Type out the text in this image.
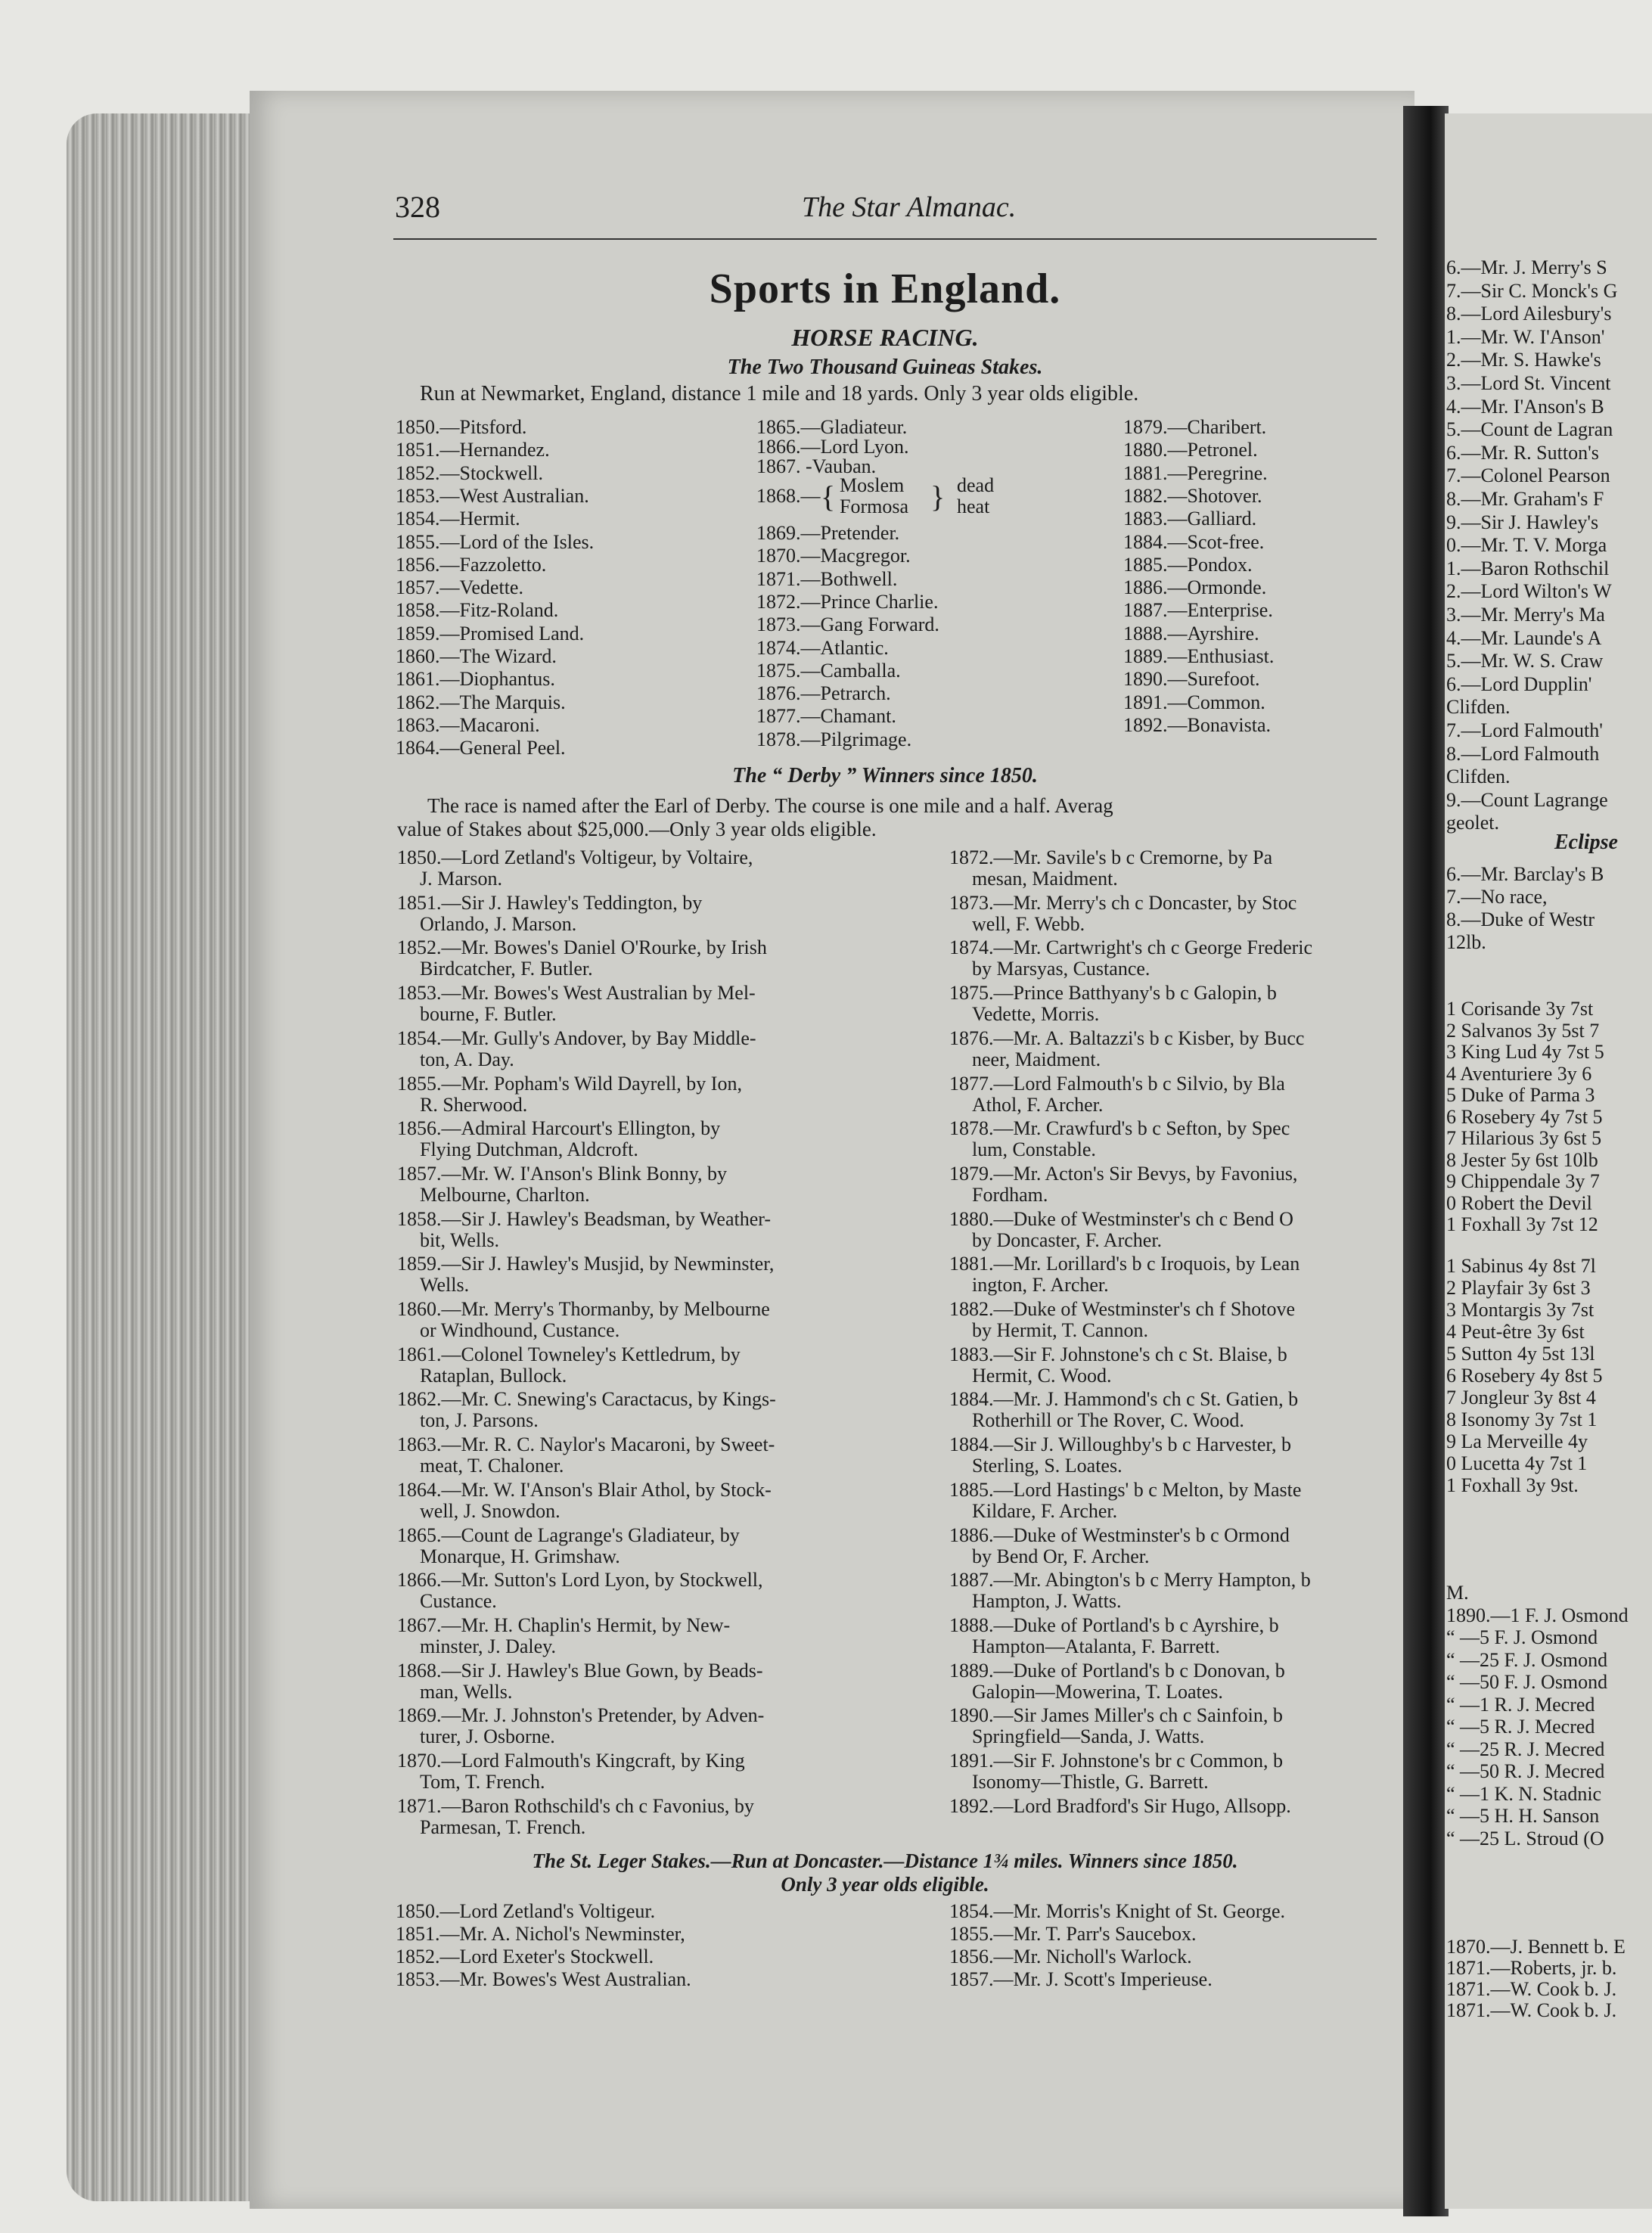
328	The Star Almanac.
Sports in England.
HORSE RACING.
The Two Thousand Guineas Stakes.
Run at Newmarket, England, distance 1 mile and 18 yards. Only 3 year olds eligible.
1850.—Pitsford.
1851.—Hernandez.
1852.—Stockwell.
1853.—West Australian.
1854.—Hermit.
1855.—Lord of the Isles.
1856.—Fazzoletto.
1857.—Vedette.
1858.—Fitz-Roland.
1859.—Promised Land.
1860.—The Wizard.
1861.—Diophantus.
1862.—The Marquis.
1863.—Macaroni.
1864.—General Peel.
1865.—Gladiateur.
1866.—Lord Lyon.
1867. -Vauban.
1869.—Pretender.
1870.—Macgregor.
1871.—Bothwell.
1872.—Prince Charlie.
1873.—Gang Forward.
1874.—Atlantic.
1875.—Camballa.
1876.—Petrarch.
1877.—Chamant.
1878.—Pilgrimage.
1879.—Charibert.
1880.—Petronel.
1881.—Peregrine.
1882.—Shotover.
1883.—Galliard.
1884.—Scot-free.
1885.—Pondox.
1886.—Ormonde.
1887.—Enterprise.
1888.—Ayrshire.
1889.—Enthusiast.
1890.—Surefoot.
1891.—Common.
1892.—Bonavista.
1868.— { Moslem
Formosa } dead
heat
The “ Derby ” Winners since 1850.
The race is named after the Earl of Derby. The course is one mile and a half. Averag
value of Stakes about $25,000.—Only 3 year olds eligible.
1850.—Lord Zetland's Voltigeur, by Voltaire,
J. Marson.
1851.—Sir J. Hawley's Teddington, by
Orlando, J. Marson.
1852.—Mr. Bowes's Daniel O'Rourke, by Irish
Birdcatcher, F. Butler.
1853.—Mr. Bowes's West Australian by Mel-
bourne, F. Butler.
1854.—Mr. Gully's Andover, by Bay Middle-
ton, A. Day.
1855.—Mr. Popham's Wild Dayrell, by Ion,
R. Sherwood.
1856.—Admiral Harcourt's Ellington, by
Flying Dutchman, Aldcroft.
1857.—Mr. W. I'Anson's Blink Bonny, by
Melbourne, Charlton.
1858.—Sir J. Hawley's Beadsman, by Weather-
bit, Wells.
1859.—Sir J. Hawley's Musjid, by Newminster,
Wells.
1860.—Mr. Merry's Thormanby, by Melbourne
or Windhound, Custance.
1861.—Colonel Towneley's Kettledrum, by
Rataplan, Bullock.
1862.—Mr. C. Snewing's Caractacus, by Kings-
ton, J. Parsons.
1863.—Mr. R. C. Naylor's Macaroni, by Sweet-
meat, T. Chaloner.
1864.—Mr. W. I'Anson's Blair Athol, by Stock-
well, J. Snowdon.
1865.—Count de Lagrange's Gladiateur, by
Monarque, H. Grimshaw.
1866.—Mr. Sutton's Lord Lyon, by Stockwell,
Custance.
1867.—Mr. H. Chaplin's Hermit, by New-
minster, J. Daley.
1868.—Sir J. Hawley's Blue Gown, by Beads-
man, Wells.
1869.—Mr. J. Johnston's Pretender, by Adven-
turer, J. Osborne.
1870.—Lord Falmouth's Kingcraft, by King
Tom, T. French.
1871.—Baron Rothschild's ch c Favonius, by
Parmesan, T. French.
1872.—Mr. Savile's b c Cremorne, by Pa
mesan, Maidment.
1873.—Mr. Merry's ch c Doncaster, by Stoc
well, F. Webb.
1874.—Mr. Cartwright's ch c George Frederic
by Marsyas, Custance.
1875.—Prince Batthyany's b c Galopin, b
Vedette, Morris.
1876.—Mr. A. Baltazzi's b c Kisber, by Bucc
neer, Maidment.
1877.—Lord Falmouth's b c Silvio, by Bla
Athol, F. Archer.
1878.—Mr. Crawfurd's b c Sefton, by Spec
lum, Constable.
1879.—Mr. Acton's Sir Bevys, by Favonius,
Fordham.
1880.—Duke of Westminster's ch c Bend O
by Doncaster, F. Archer.
1881.—Mr. Lorillard's b c Iroquois, by Lean
ington, F. Archer.
1882.—Duke of Westminster's ch f Shotove
by Hermit, T. Cannon.
1883.—Sir F. Johnstone's ch c St. Blaise, b
Hermit, C. Wood.
1884.—Mr. J. Hammond's ch c St. Gatien, b
Rotherhill or The Rover, C. Wood.
1884.—Sir J. Willoughby's b c Harvester, b
Sterling, S. Loates.
1885.—Lord Hastings' b c Melton, by Maste
Kildare, F. Archer.
1886.—Duke of Westminster's b c Ormond
by Bend Or, F. Archer.
1887.—Mr. Abington's b c Merry Hampton, b
Hampton, J. Watts.
1888.—Duke of Portland's b c Ayrshire, b
Hampton—Atalanta, F. Barrett.
1889.—Duke of Portland's b c Donovan, b
Galopin—Mowerina, T. Loates.
1890.—Sir James Miller's ch c Sainfoin, b
Springfield—Sanda, J. Watts.
1891.—Sir F. Johnstone's br c Common, b
Isonomy—Thistle, G. Barrett.
1892.—Lord Bradford's Sir Hugo, Allsopp.
The St. Leger Stakes.—Run at Doncaster.—Distance 1¾ miles. Winners since 1850.
Only 3 year olds eligible.
1850.—Lord Zetland's Voltigeur.
1851.—Mr. A. Nichol's Newminster,
1852.—Lord Exeter's Stockwell.
1853.—Mr. Bowes's West Australian.
1854.—Mr. Morris's Knight of St. George.
1855.—Mr. T. Parr's Saucebox.
1856.—Mr. Nicholl's Warlock.
1857.—Mr. J. Scott's Imperieuse.
6.—Mr. J. Merry's S
7.—Sir C. Monck's G
8.—Lord Ailesbury's
1.—Mr. W. I'Anson'
2.—Mr. S. Hawke's
3.—Lord St. Vincent
4.—Mr. I'Anson's B
5.—Count de Lagran
6.—Mr. R. Sutton's
7.—Colonel Pearson
8.—Mr. Graham's F
9.—Sir J. Hawley's
0.—Mr. T. V. Morga
1.—Baron Rothschil
2.—Lord Wilton's W
3.—Mr. Merry's Ma
4.—Mr. Launde's A
5.—Mr. W. S. Craw
6.—Lord Dupplin'
Clifden.
7.—Lord Falmouth'
8.—Lord Falmouth
Clifden.
9.—Count Lagrange
geolet.
Eclipse
6.—Mr. Barclay's B
7.—No race,
8.—Duke of Westr
12lb.
1 Corisande 3y 7st
2 Salvanos 3y 5st 7
3 King Lud 4y 7st 5
4 Aventuriere 3y 6
5 Duke of Parma 3
6 Rosebery 4y 7st 5
7 Hilarious 3y 6st 5
8 Jester 5y 6st 10lb
9 Chippendale 3y 7
0 Robert the Devil
1 Foxhall 3y 7st 12
1 Sabinus 4y 8st 7l
2 Playfair 3y 6st 3
3 Montargis 3y 7st
4 Peut-être 3y 6st
5 Sutton 4y 5st 13l
6 Rosebery 4y 8st 5
7 Jongleur 3y 8st 4
8 Isonomy 3y 7st 1
9 La Merveille 4y
0 Lucetta 4y 7st 1
1 Foxhall 3y 9st.
M.
1890.—1 F. J. Osmond
“ —5 F. J. Osmond
“ —25 F. J. Osmond
“ —50 F. J. Osmond
“ —1 R. J. Mecred
“ —5 R. J. Mecred
“ —25 R. J. Mecred
“ —50 R. J. Mecred
“ —1 K. N. Stadnic
“ —5 H. H. Sanson
“ —25 L. Stroud (O
1870.—J. Bennett b. E
1871.—Roberts, jr. b.
1871.—W. Cook b. J.
1871.—W. Cook b. J.
